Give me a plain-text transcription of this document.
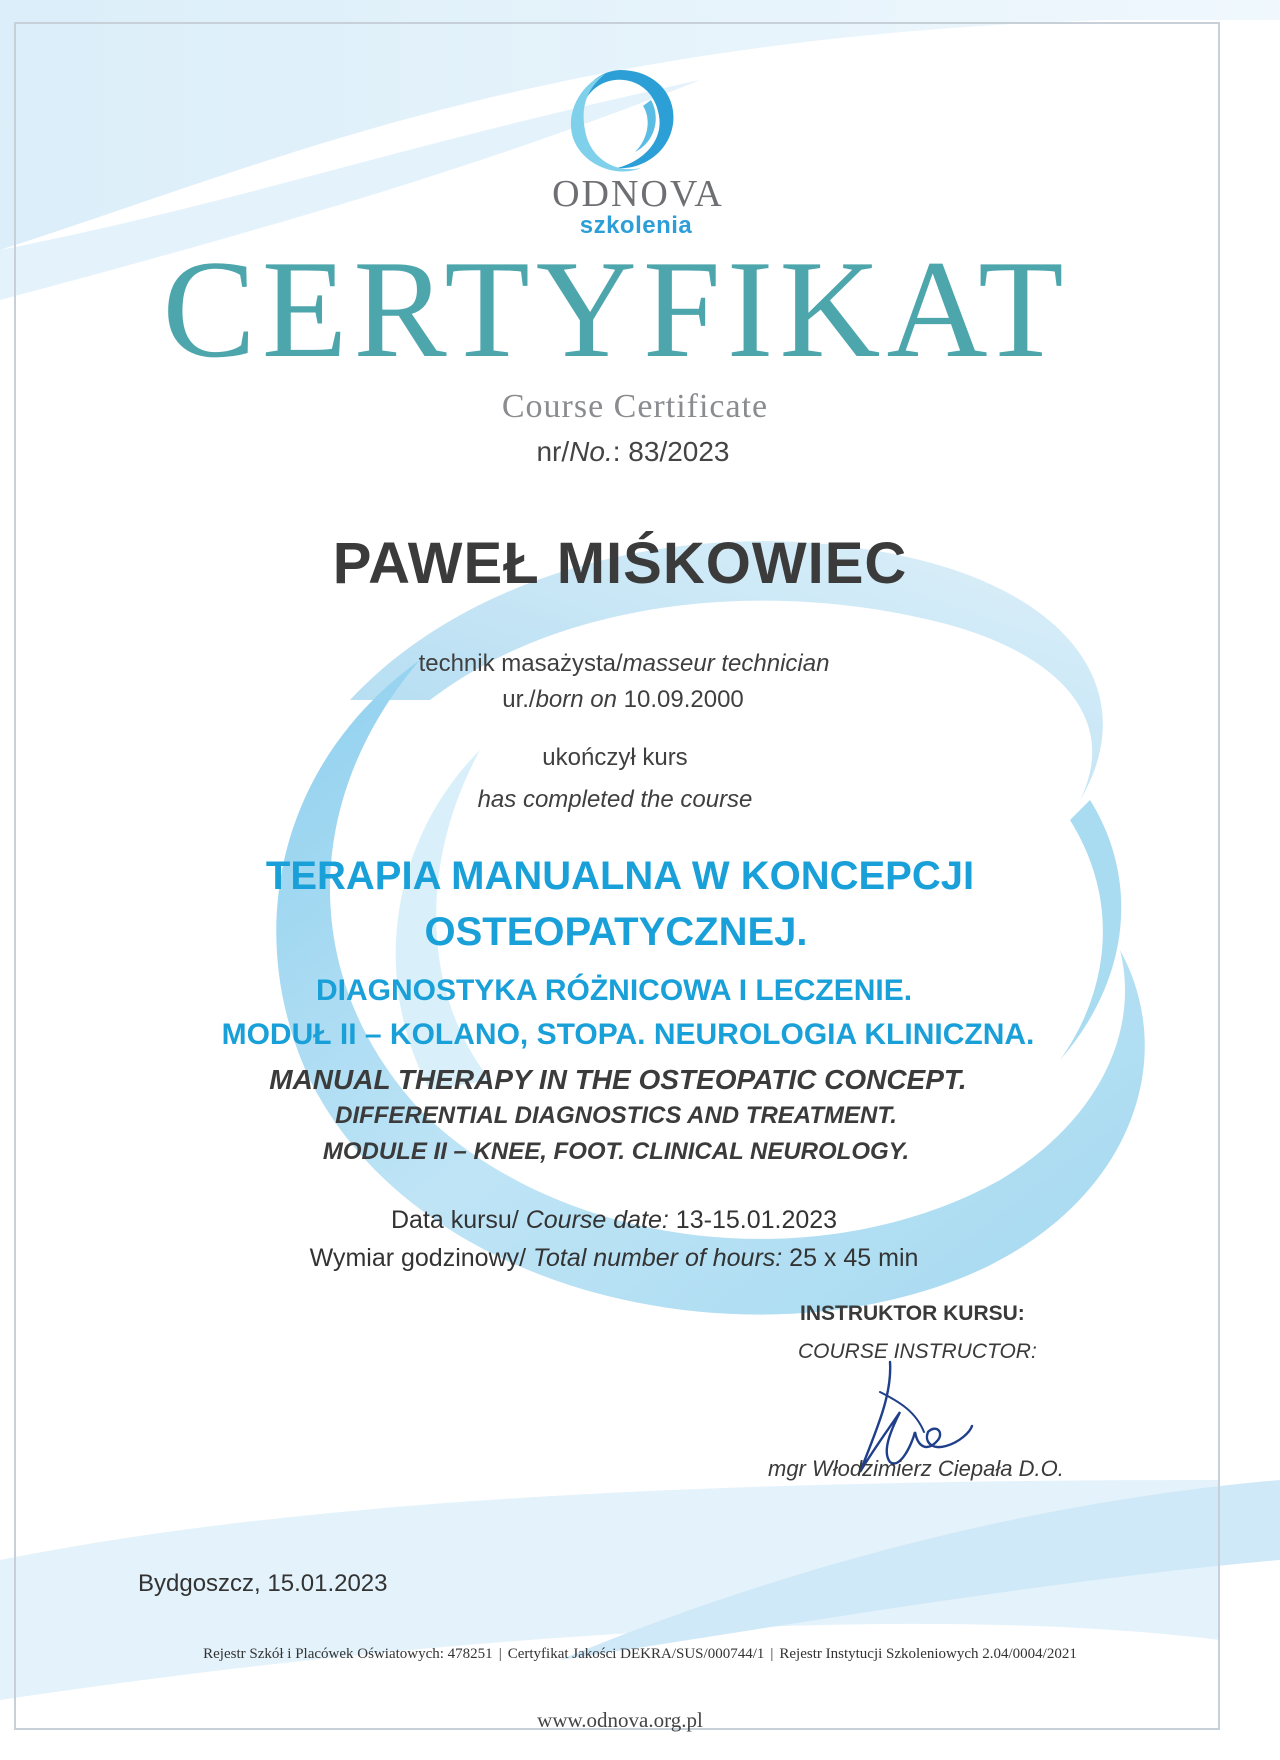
ODNOVA
szkolenia
CERTYFIKAT
Course Certificate
nr/No.: 83/2023
PAWEŁ MIŚKOWIEC
technik masażysta/masseur technician
ur./born on 10.09.2000
ukończył kurs
has completed the course
TERAPIA MANUALNA W KONCEPCJI
OSTEOPATYCZNEJ.
DIAGNOSTYKA RÓŻNICOWA I LECZENIE.
MODUŁ II – KOLANO, STOPA. NEUROLOGIA KLINICZNA.
MANUAL THERAPY IN THE OSTEOPATIC CONCEPT.
DIFFERENTIAL DIAGNOSTICS AND TREATMENT.
MODULE II – KNEE, FOOT. CLINICAL NEUROLOGY.
Data kursu/ Course date: 13-15.01.2023
Wymiar godzinowy/ Total number of hours: 25 x 45 min
INSTRUKTOR KURSU:
COURSE INSTRUCTOR:
mgr Włodzimierz Ciepała D.O.
Bydgoszcz, 15.01.2023
Rejestr Szkół i Placówek Oświatowych: 478251 | Certyfikat Jakości DEKRA/SUS/000744/1 | Rejestr Instytucji Szkoleniowych 2.04/0004/2021
www.odnova.org.pl
